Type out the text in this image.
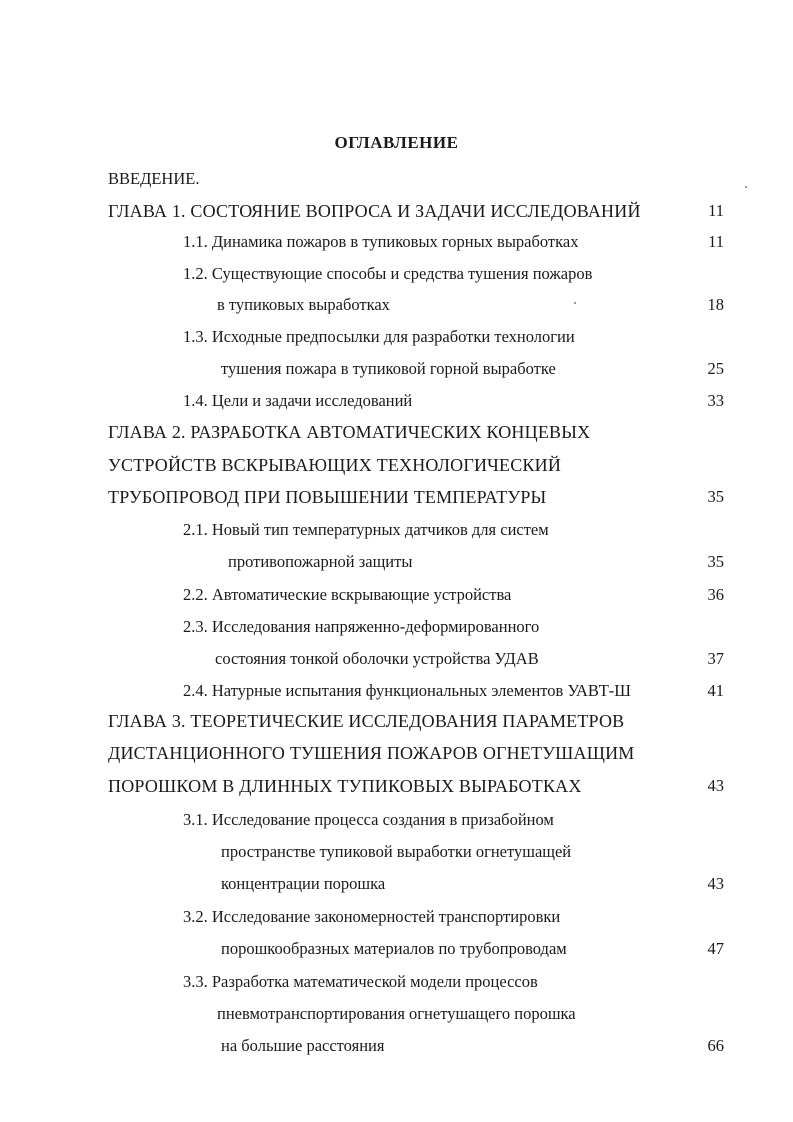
ОГЛАВЛЕНИЕ
ВВЕДЕНИЕ.
ГЛАВА 1. СОСТОЯНИЕ ВОПРОСА И ЗАДАЧИ ИССЛЕДОВАНИЙ	11
1.1. Динамика пожаров в тупиковых горных выработках	11
1.2. Существующие способы и средства тушения пожаров
в тупиковых выработках	18
1.3. Исходные предпосылки для разработки технологии
тушения пожара в тупиковой горной выработке	25
1.4. Цели и задачи исследований	33
ГЛАВА 2. РАЗРАБОТКА АВТОМАТИЧЕСКИХ КОНЦЕВЫХ
УСТРОЙСТВ ВСКРЫВАЮЩИХ ТЕХНОЛОГИЧЕСКИЙ
ТРУБОПРОВОД ПРИ ПОВЫШЕНИИ ТЕМПЕРАТУРЫ	35
2.1. Новый тип температурных датчиков для систем
противопожарной защиты	35
2.2. Автоматические вскрывающие устройства	36
2.3. Исследования напряженно-деформированного
состояния тонкой оболочки устройства УДАВ	37
2.4. Натурные испытания функциональных элементов УАВТ-Ш	41
ГЛАВА 3. ТЕОРЕТИЧЕСКИЕ ИССЛЕДОВАНИЯ ПАРАМЕТРОВ
ДИСТАНЦИОННОГО ТУШЕНИЯ ПОЖАРОВ ОГНЕТУШАЩИМ
ПОРОШКОМ В ДЛИННЫХ ТУПИКОВЫХ ВЫРАБОТКАХ	43
3.1. Исследование процесса создания в призабойном
пространстве тупиковой выработки огнетушащей
концентрации порошка	43
3.2. Исследование закономерностей транспортировки
порошкообразных материалов по трубопроводам	47
3.3. Разработка математической модели процессов
пневмотранспортирования огнетушащего порошка
на большие расстояния	66
